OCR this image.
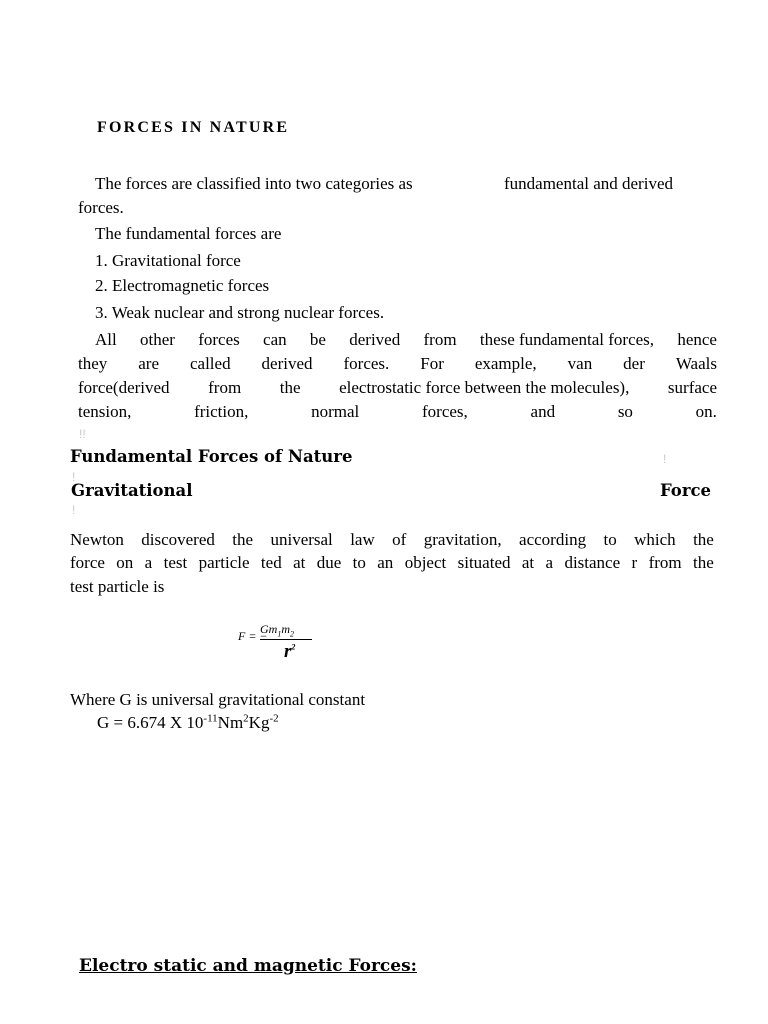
FORCES IN NATURE
The forces are classified into two categories as	fundamental and derived
forces.
The fundamental forces are
1. Gravitational force
2. Electromagnetic forces
3. Weak nuclear and strong nuclear forces.
All other forces can be derived from these fundamental forces, hence
they are called derived forces. For example, van der Waals
force(derived from the electrostatic force between the molecules), surface
tension,	friction,	normal	forces,	and	so	on.
!!
!
!
!
Fundamental Forces of Nature
Gravitational	Force
Newton discovered the universal law of gravitation, according to which the
force on a test particle ted at due to an object situated at a distance r from the
test particle is
F = −
$Gm_1m_2$
$r^2$
Where G is universal gravitational constant
G = 6.674 X $10^{-11}Nm^2Kg^{-2}$
Electro static and magnetic Forces:
